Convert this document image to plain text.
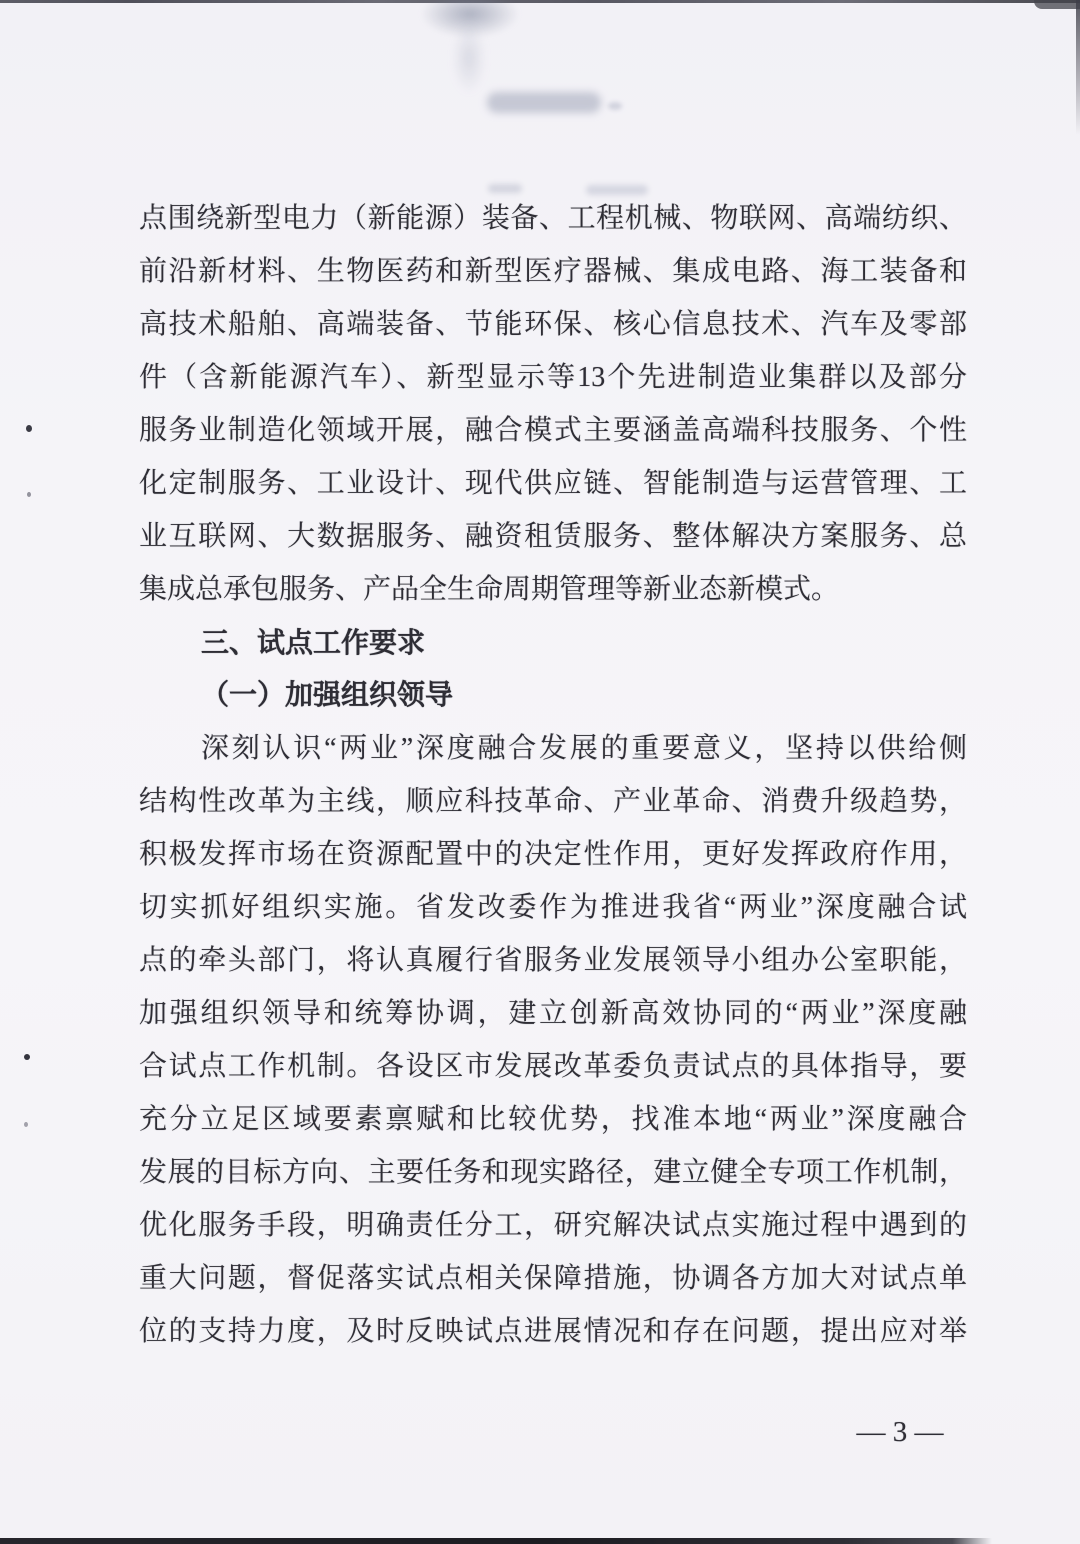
点围绕新型电力（新能源）装备、工程机械、物联网、高端纺织、
前沿新材料、生物医药和新型医疗器械、集成电路、海工装备和
高技术船舶、高端装备、节能环保、核心信息技术、汽车及零部
件（含新能源汽车）、新型显示等13个先进制造业集群以及部分
服务业制造化领域开展，融合模式主要涵盖高端科技服务、个性
化定制服务、工业设计、现代供应链、智能制造与运营管理、工
业互联网、大数据服务、融资租赁服务、整体解决方案服务、总
集成总承包服务、产品全生命周期管理等新业态新模式。
三、试点工作要求
（一）加强组织领导
深刻认识“两业”深度融合发展的重要意义，坚持以供给侧
结构性改革为主线，顺应科技革命、产业革命、消费升级趋势，
积极发挥市场在资源配置中的决定性作用，更好发挥政府作用，
切实抓好组织实施。省发改委作为推进我省“两业”深度融合试
点的牵头部门，将认真履行省服务业发展领导小组办公室职能，
加强组织领导和统筹协调，建立创新高效协同的“两业”深度融
合试点工作机制。各设区市发展改革委负责试点的具体指导，要
充分立足区域要素禀赋和比较优势，找准本地“两业”深度融合
发展的目标方向、主要任务和现实路径，建立健全专项工作机制，
优化服务手段，明确责任分工，研究解决试点实施过程中遇到的
重大问题，督促落实试点相关保障措施，协调各方加大对试点单
位的支持力度，及时反映试点进展情况和存在问题，提出应对举
— 3 —
